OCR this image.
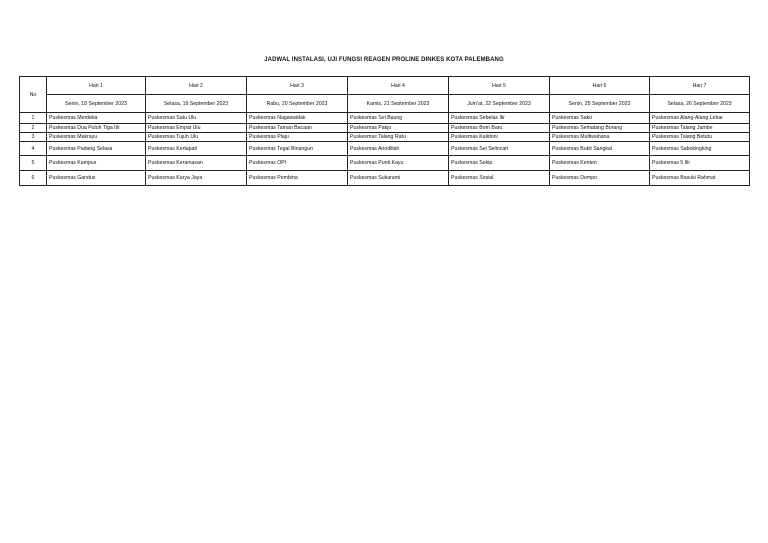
JADWAL INSTALASI, UJI FUNGSI REAGEN PROLINE DINKES KOTA PALEMBANG
No	Hari 1	Hari 2	Hari 3	Hari 4	Hari 5	Hari 6	Hari 7
	Senin, 18 September 2023	Selasa, 19 September 2023	Rabu, 20 September 2023	Kamis, 21 September 2023	Jum'at, 22 September 2023	Senin, 25 September 2023	Selasa, 26 September 2023
1	Puskesmas Merdeka	Puskesmas Satu Ulu	Puskesmas Nagaswidak	Puskesmas Sei Baung	Puskesmas Sebelas Ilir	Puskesmas Sako	Puskesmas Alang-Alang Lebar
2	Puskesmas Dua Puluh Tiga Ilir	Puskesmas Empat Ulu	Puskesmas Taman Bacaan	Puskesmas Pakjo	Puskesmas Bom Baru	Puskesmas Sematang Borang	Puskesmas Talang Jambe
3	Puskesmas Makrayu	Puskesmas Tujuh Ulu	Puskesmas Plaju	Puskesmas Talang Ratu	Puskesmas Kalidoni	Puskesmas Multiwahana	Puskesmas Talang Betutu
4	Puskesmas Padang Selasa	Puskesmas Kertapati	Puskesmas Tegal Binangun	Puskesmas Ariodillah	Puskesmas Sei Selincah	Puskesmas Bukit Sangkal	Puskesmas Sabokingking
5	Puskesmas Kampus	Puskesmas Keramasan	Puskesmas OPI	Puskesmas Punti Kayu	Puskesmas Sekip	Puskesmas Kenten	Puskesmas 5 Ilir
6	Puskesmas Gandus	Puskesmas Karya Jaya	Puskesmas Pembina	Puskesmas Sukarami	Puskesmas Sosial	Puskesmas Dempo	Puskesmas Basuki Rahmat
